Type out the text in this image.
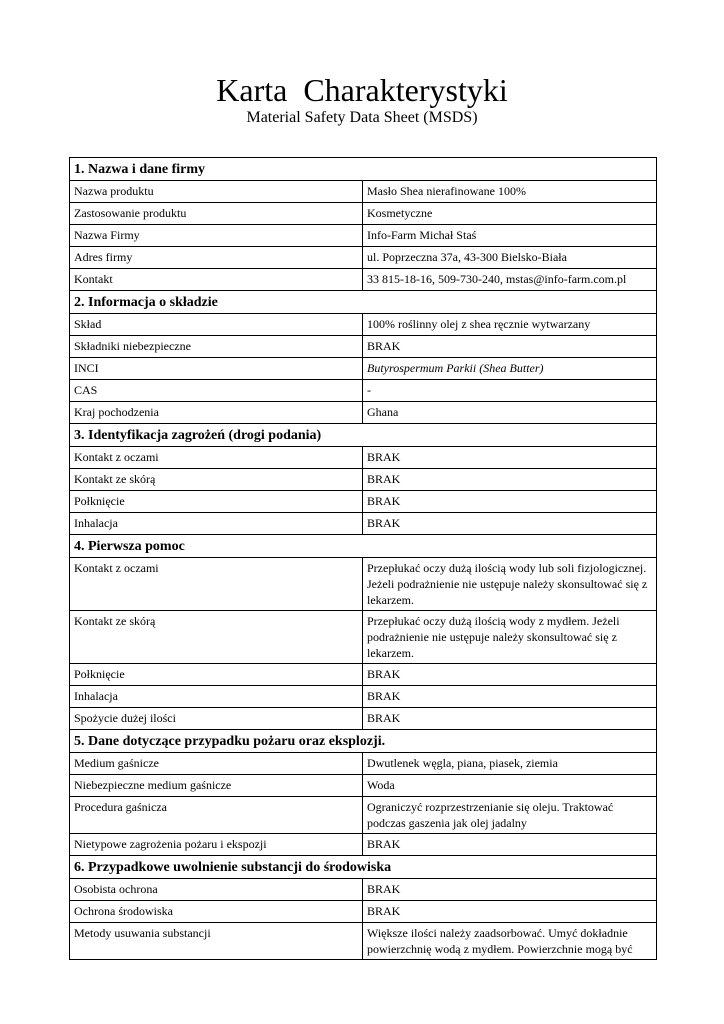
Karta  Charakterystyki
Material Safety Data Sheet (MSDS)
1. Nazwa i dane firmy	
Nazwa produktu	Masło Shea nierafinowane 100%
Zastosowanie produktu	Kosmetyczne
Nazwa Firmy	Info-Farm Michał Staś
Adres firmy	ul. Poprzeczna 37a, 43-300 Bielsko-Biała
Kontakt	33 815-18-16, 509-730-240, mstas@info-farm.com.pl
2. Informacja o składzie	
Skład	100% roślinny olej z shea ręcznie wytwarzany
Składniki niebezpieczne	BRAK
INCI	Butyrospermum Parkii (Shea Butter)
CAS	-
Kraj pochodzenia	Ghana
3. Identyfikacja zagrożeń (drogi podania)	
Kontakt z oczami	BRAK
Kontakt ze skórą	BRAK
Połknięcie	BRAK
Inhalacja	BRAK
4. Pierwsza pomoc	
Kontakt z oczami	Przepłukać oczy dużą ilością wody lub soli fizjologicznej. Jeżeli podrażnienie nie ustępuje należy skonsultować się z lekarzem.
Kontakt ze skórą	Przepłukać oczy dużą ilością wody z mydłem. Jeżeli podrażnienie nie ustępuje należy skonsultować się z lekarzem.
Połknięcie	BRAK
Inhalacja	BRAK
Spożycie dużej ilości	BRAK
5. Dane dotyczące przypadku pożaru oraz eksplozji.	
Medium gaśnicze	Dwutlenek węgla, piana, piasek, ziemia
Niebezpieczne medium gaśnicze	Woda
Procedura gaśnicza	Ograniczyć rozprzestrzenianie się oleju. Traktować podczas gaszenia jak olej jadalny
Nietypowe zagrożenia pożaru i ekspozji	BRAK
6. Przypadkowe uwolnienie substancji do środowiska	
Osobista ochrona	BRAK
Ochrona środowiska	BRAK
Metody usuwania substancji	Większe ilości należy zaadsorbować. Umyć dokładnie powierzchnię wodą z mydłem. Powierzchnie mogą być
